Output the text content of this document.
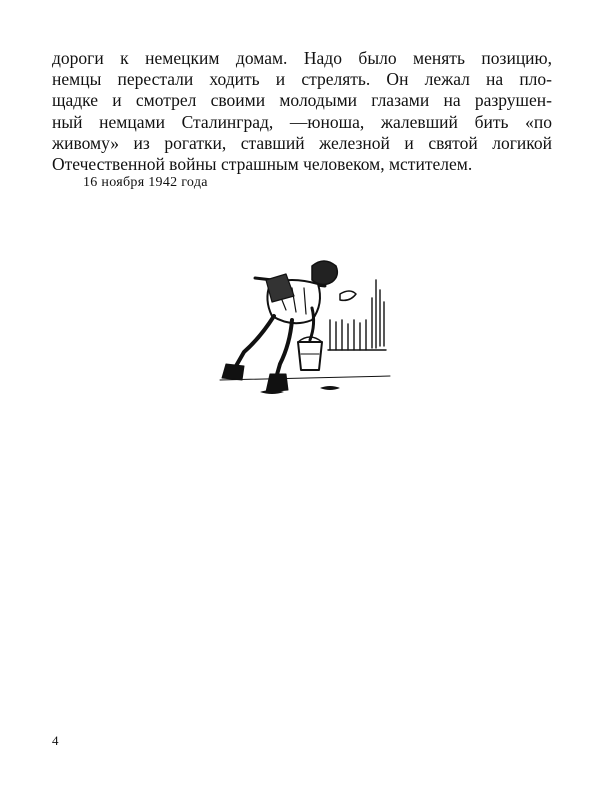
дороги к немецким домам. Надо было менять позицию,
немцы перестали ходить и стрелять. Он лежал на пло-
щадке и смотрел своими молодыми глазами на разрушен-
ный немцами Сталинград, —юноша, жалевший бить «по
живому» из рогатки, ставший железной и святой логикой
Отечественной войны страшным человеком, мстителем.
16 ноября 1942 года
4
